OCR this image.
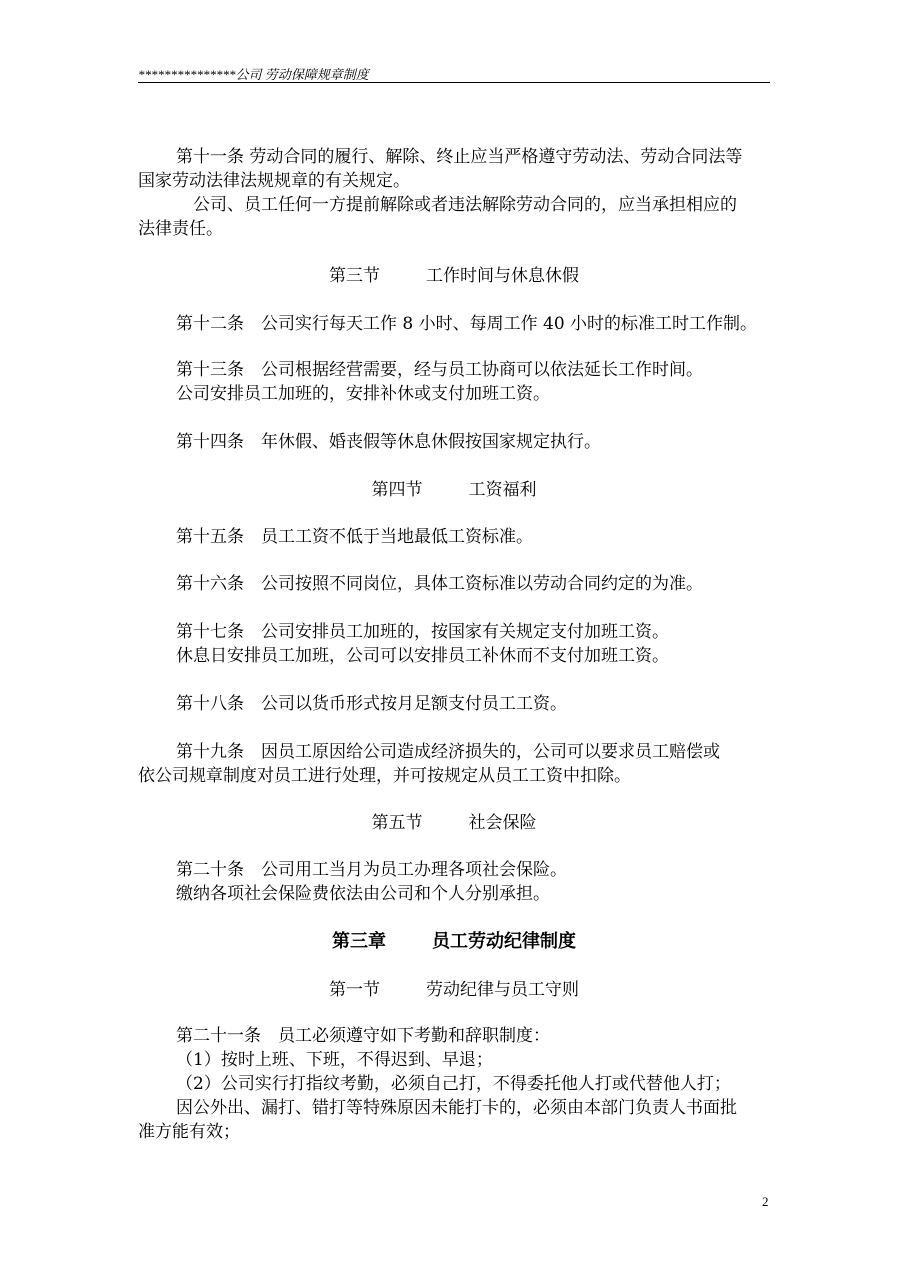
***************公司 劳动保障规章制度
第十一条 劳动合同的履行、解除、终止应当严格遵守劳动法、劳动合同法等
国家劳动法律法规规章的有关规定。
公司、员工任何一方提前解除或者违法解除劳动合同的，应当承担相应的
法律责任。
第三节	工作时间与休息休假
第十二条　公司实行每天工作 8 小时、每周工作 40 小时的标准工时工作制。
第十三条　公司根据经营需要，经与员工协商可以依法延长工作时间。
公司安排员工加班的，安排补休或支付加班工资。
第十四条　年休假、婚丧假等休息休假按国家规定执行。
第四节	工资福利
第十五条　员工工资不低于当地最低工资标准。
第十六条　公司按照不同岗位，具体工资标准以劳动合同约定的为准。
第十七条　公司安排员工加班的，按国家有关规定支付加班工资。
休息日安排员工加班，公司可以安排员工补休而不支付加班工资。
第十八条　公司以货币形式按月足额支付员工工资。
第十九条　因员工原因给公司造成经济损失的，公司可以要求员工赔偿或
依公司规章制度对员工进行处理，并可按规定从员工工资中扣除。
第五节	社会保险
第二十条　公司用工当月为员工办理各项社会保险。
缴纳各项社会保险费依法由公司和个人分别承担。
第三章	员工劳动纪律制度
第一节	劳动纪律与员工守则
第二十一条　员工必须遵守如下考勤和辞职制度：
（1）按时上班、下班，不得迟到、早退；
（2）公司实行打指纹考勤，必须自己打，不得委托他人打或代替他人打；
因公外出、漏打、错打等特殊原因未能打卡的，必须由本部门负责人书面批
准方能有效；
2
